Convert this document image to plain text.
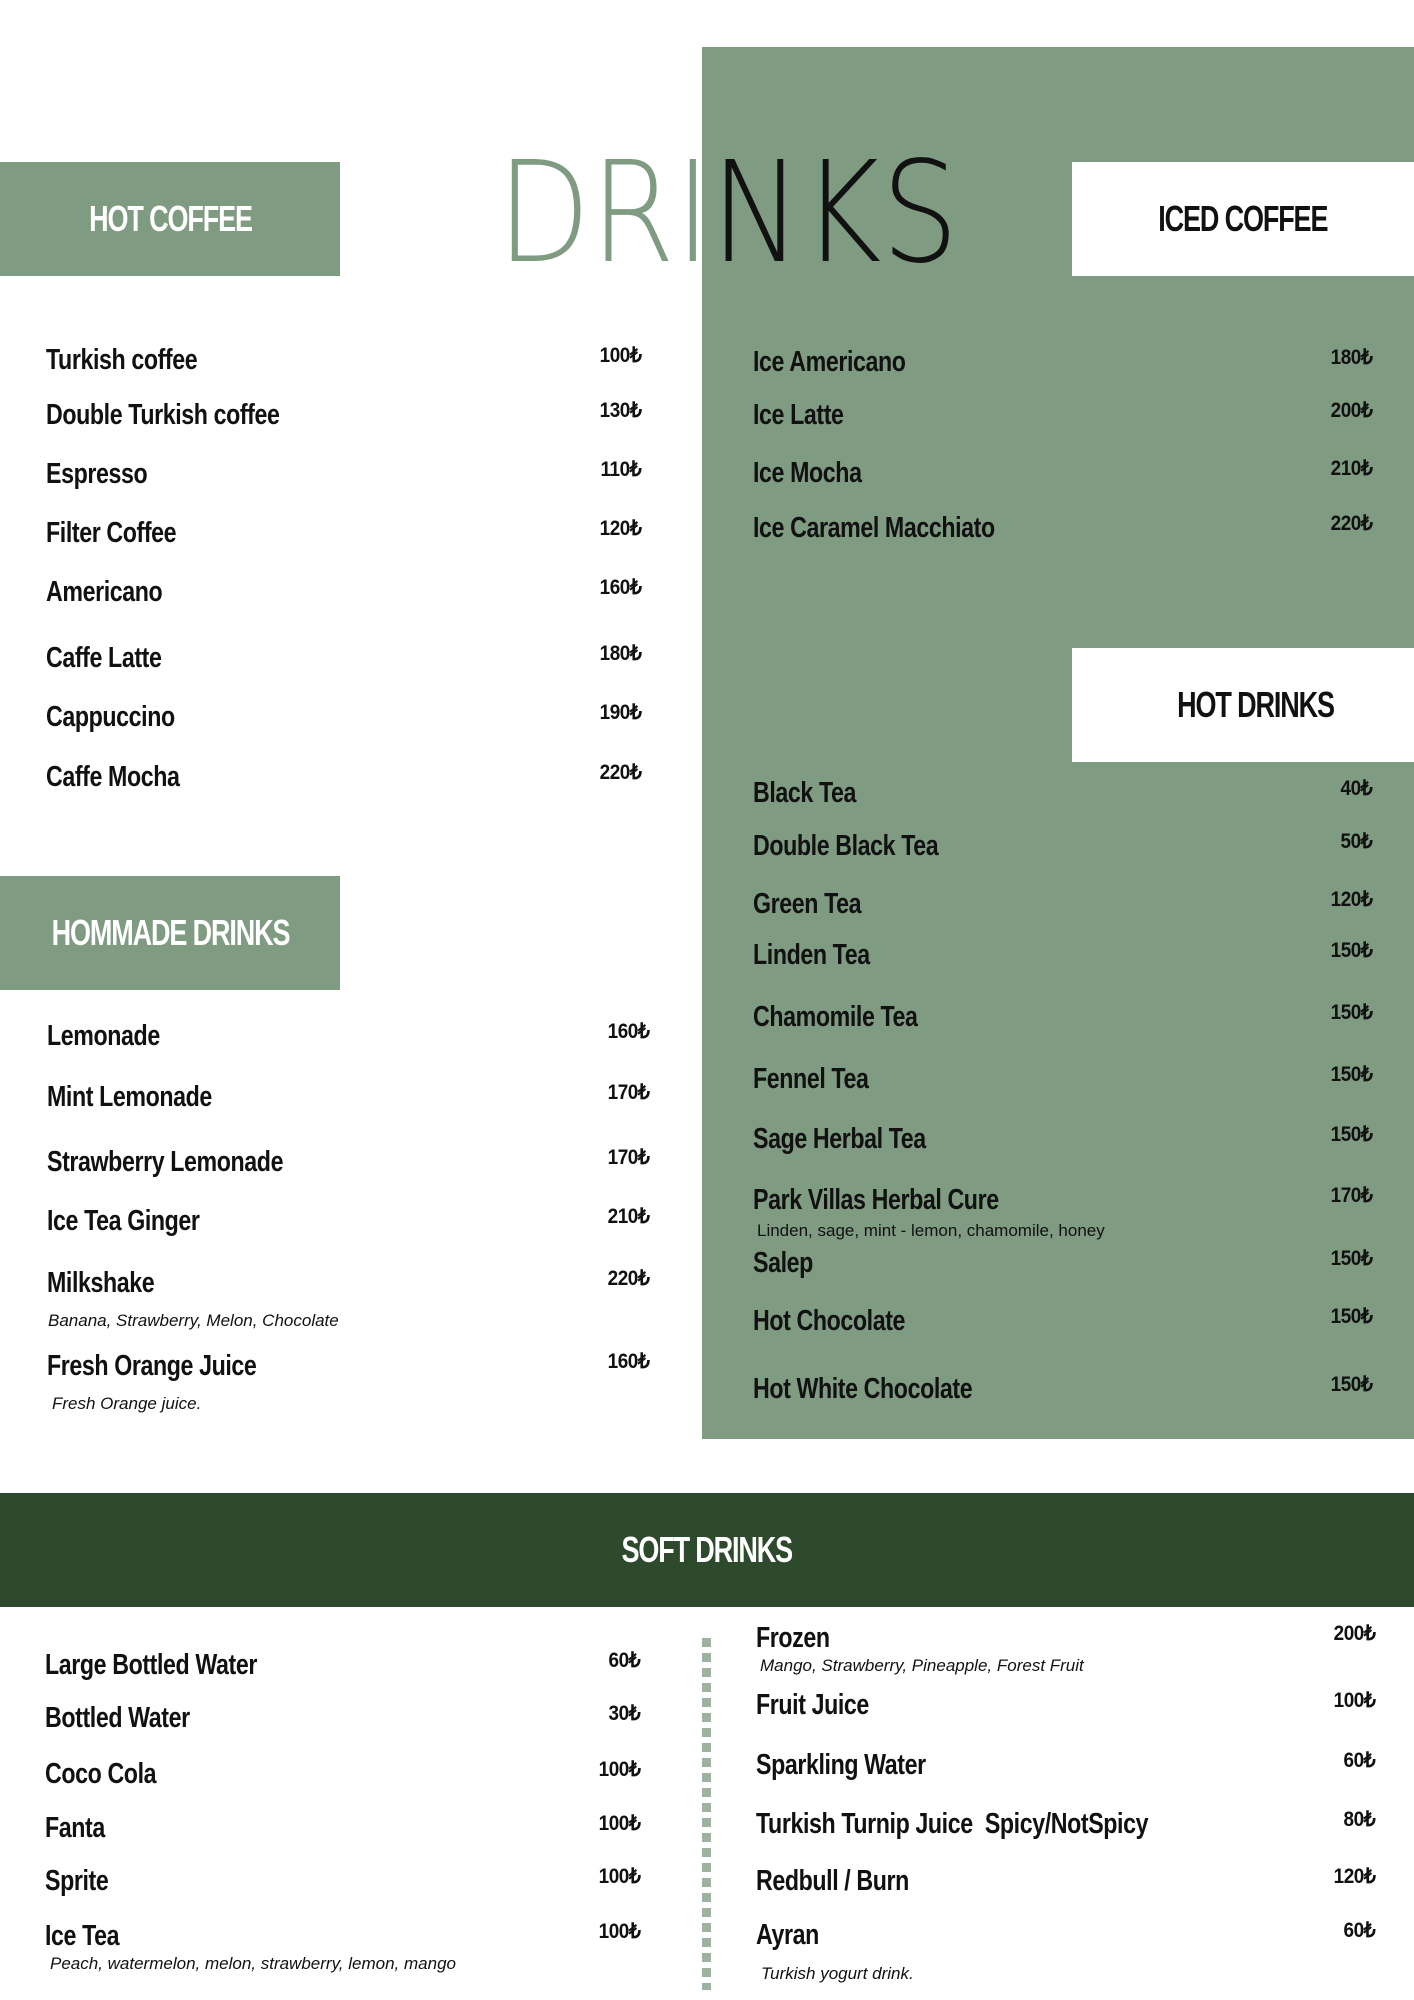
DRINKS
HOT COFFEE	ICED COFFEE
HOT DRINKS
HOMMADE DRINKS
SOFT DRINKS
Turkish coffee	100₺
Double Turkish coffee	130₺
Espresso	110₺
Filter Coffee	120₺
Americano	160₺
Caffe Latte	180₺
Cappuccino	190₺
Caffe Mocha	220₺
Ice Americano	180₺
Ice Latte	200₺
Ice Mocha	210₺
Ice Caramel Macchiato	220₺
Black Tea	40₺
Double Black Tea	50₺
Green Tea	120₺
Linden Tea	150₺
Chamomile Tea	150₺
Fennel Tea	150₺
Sage Herbal Tea	150₺
Park Villas Herbal Cure	170₺
Linden, sage, mint - lemon, chamomile, honey
Salep	150₺
Hot Chocolate	150₺
Hot White Chocolate	150₺
Lemonade	160₺
Mint Lemonade	170₺
Strawberry Lemonade	170₺
Ice Tea Ginger	210₺
Milkshake	220₺
Banana, Strawberry, Melon, Chocolate
Fresh Orange Juice	160₺
Fresh Orange juice.
Large Bottled Water	60₺
Bottled Water	30₺
Coco Cola	100₺
Fanta	100₺
Sprite	100₺
Ice Tea	100₺
Peach, watermelon, melon, strawberry, lemon, mango
Frozen	200₺
Mango, Strawberry, Pineapple, Forest Fruit
Fruit Juice	100₺
Sparkling Water	60₺
Turkish Turnip Juice  Spicy/NotSpicy	80₺
Redbull / Burn	120₺
Ayran	60₺
Turkish yogurt drink.
